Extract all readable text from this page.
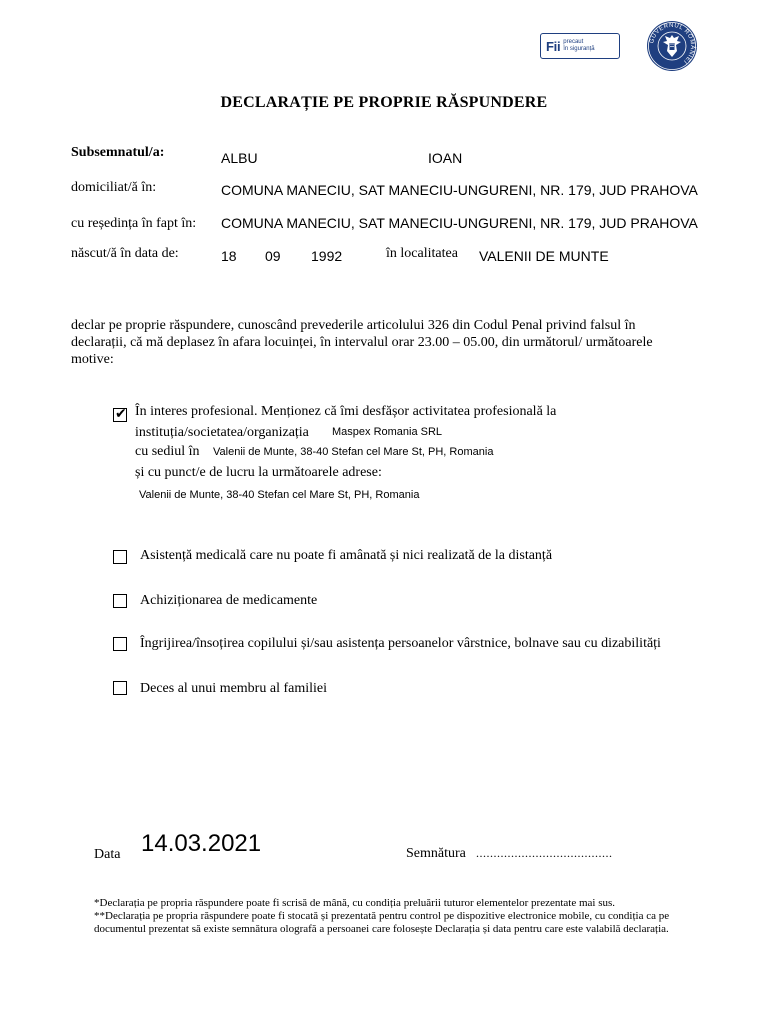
Fii precaut
în siguranță
GUVERNUL ROMÂNIEI
DECLARAȚIE PE PROPRIE RĂSPUNDERE
Subsemnatul/a:	ALBU	IOAN
domiciliat/ă în:	COMUNA MANECIU, SAT MANECIU-UNGURENI, NR. 179, JUD PRAHOVA
cu reședința în fapt în: COMUNA MANECIU, SAT MANECIU-UNGURENI, NR. 179, JUD PRAHOVA
născut/ă în data de:	18 09 1992	în localitatea VALENII DE MUNTE
declar pe proprie răspundere, cunoscând prevederile articolului 326 din Codul Penal privind falsul în declarații, că mă deplasez în afara locuinței, în intervalul orar 23.00 – 05.00, din următorul/ următoarele motive:
✔ În interes profesional. Menționez că îmi desfășor activitatea profesională la
instituția/societatea/organizația Maspex Romania SRL
cu sediul în Valenii de Munte, 38-40 Stefan cel Mare St, PH, Romania
și cu punct/e de lucru la următoarele adrese:
Valenii de Munte, 38-40 Stefan cel Mare St, PH, Romania
Asistență medicală care nu poate fi amânată și nici realizată de la distanță
Achiziționarea de medicamente
Îngrijirea/însoțirea copilului și/sau asistența persoanelor vârstnice, bolnave sau cu dizabilități
Deces al unui membru al familiei
Data 14.03.2021	Semnătura .......................................

*Declarația pe propria răspundere poate fi scrisă de mână, cu condiția preluării tuturor elementelor prezentate mai sus.

**Declarația pe propria răspundere poate fi stocată și prezentată pentru control pe dispozitive electronice mobile, cu condiția ca pe documentul prezentat să existe semnătura olografă a persoanei care folosește Declarația și data pentru care este valabilă declarația.
